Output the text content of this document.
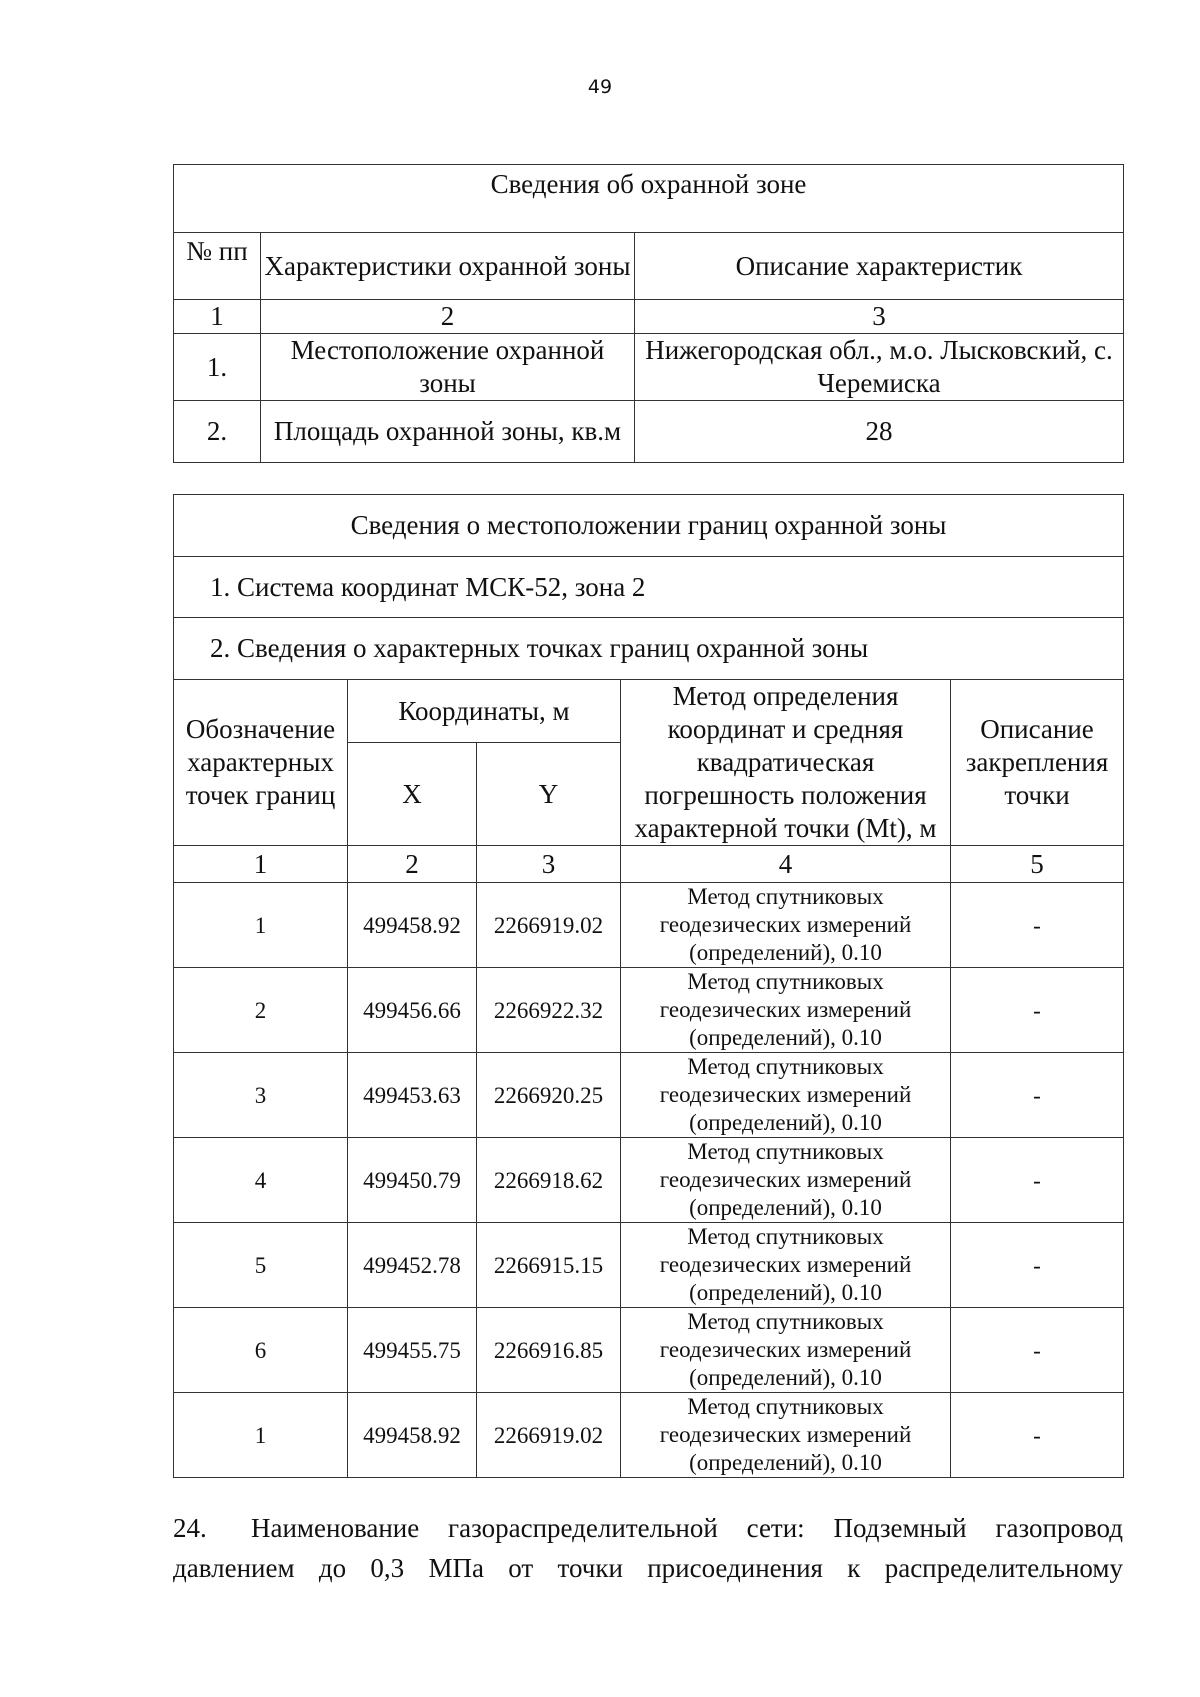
49
Сведения об охранной зоне		
№ пп	Характеристики охранной зоны	Описание характеристик
1	2	3
1.	Местоположение охранной зоны	Нижегородская обл., м.о. Лысковский, с. Черемиска
2.	Площадь охранной зоны, кв.м	28
Сведения о местоположении границ охранной зоны				
1. Система координат МСК-52, зона 2				
2. Сведения о характерных точках границ охранной зоны				
Обозначение характерных точек границ	Координаты, м		Метод определения координат и средняя квадратическая погрешность положения характерной точки (Mt), м	Описание закрепления точки
	X	Y		
1	2	3	4	5
1	499458.92	2266919.02	Метод спутниковых геодезических измерений (определений), 0.10	-
2	499456.66	2266922.32	Метод спутниковых геодезических измерений (определений), 0.10	-
3	499453.63	2266920.25	Метод спутниковых геодезических измерений (определений), 0.10	-
4	499450.79	2266918.62	Метод спутниковых геодезических измерений (определений), 0.10	-
5	499452.78	2266915.15	Метод спутниковых геодезических измерений (определений), 0.10	-
6	499455.75	2266916.85	Метод спутниковых геодезических измерений (определений), 0.10	-
1	499458.92	2266919.02	Метод спутниковых геодезических измерений (определений), 0.10	-
24.	Наименование газораспределительной сети: Подземный газопровод
давлением до 0,3 МПа от точки присоединения к распределительному
